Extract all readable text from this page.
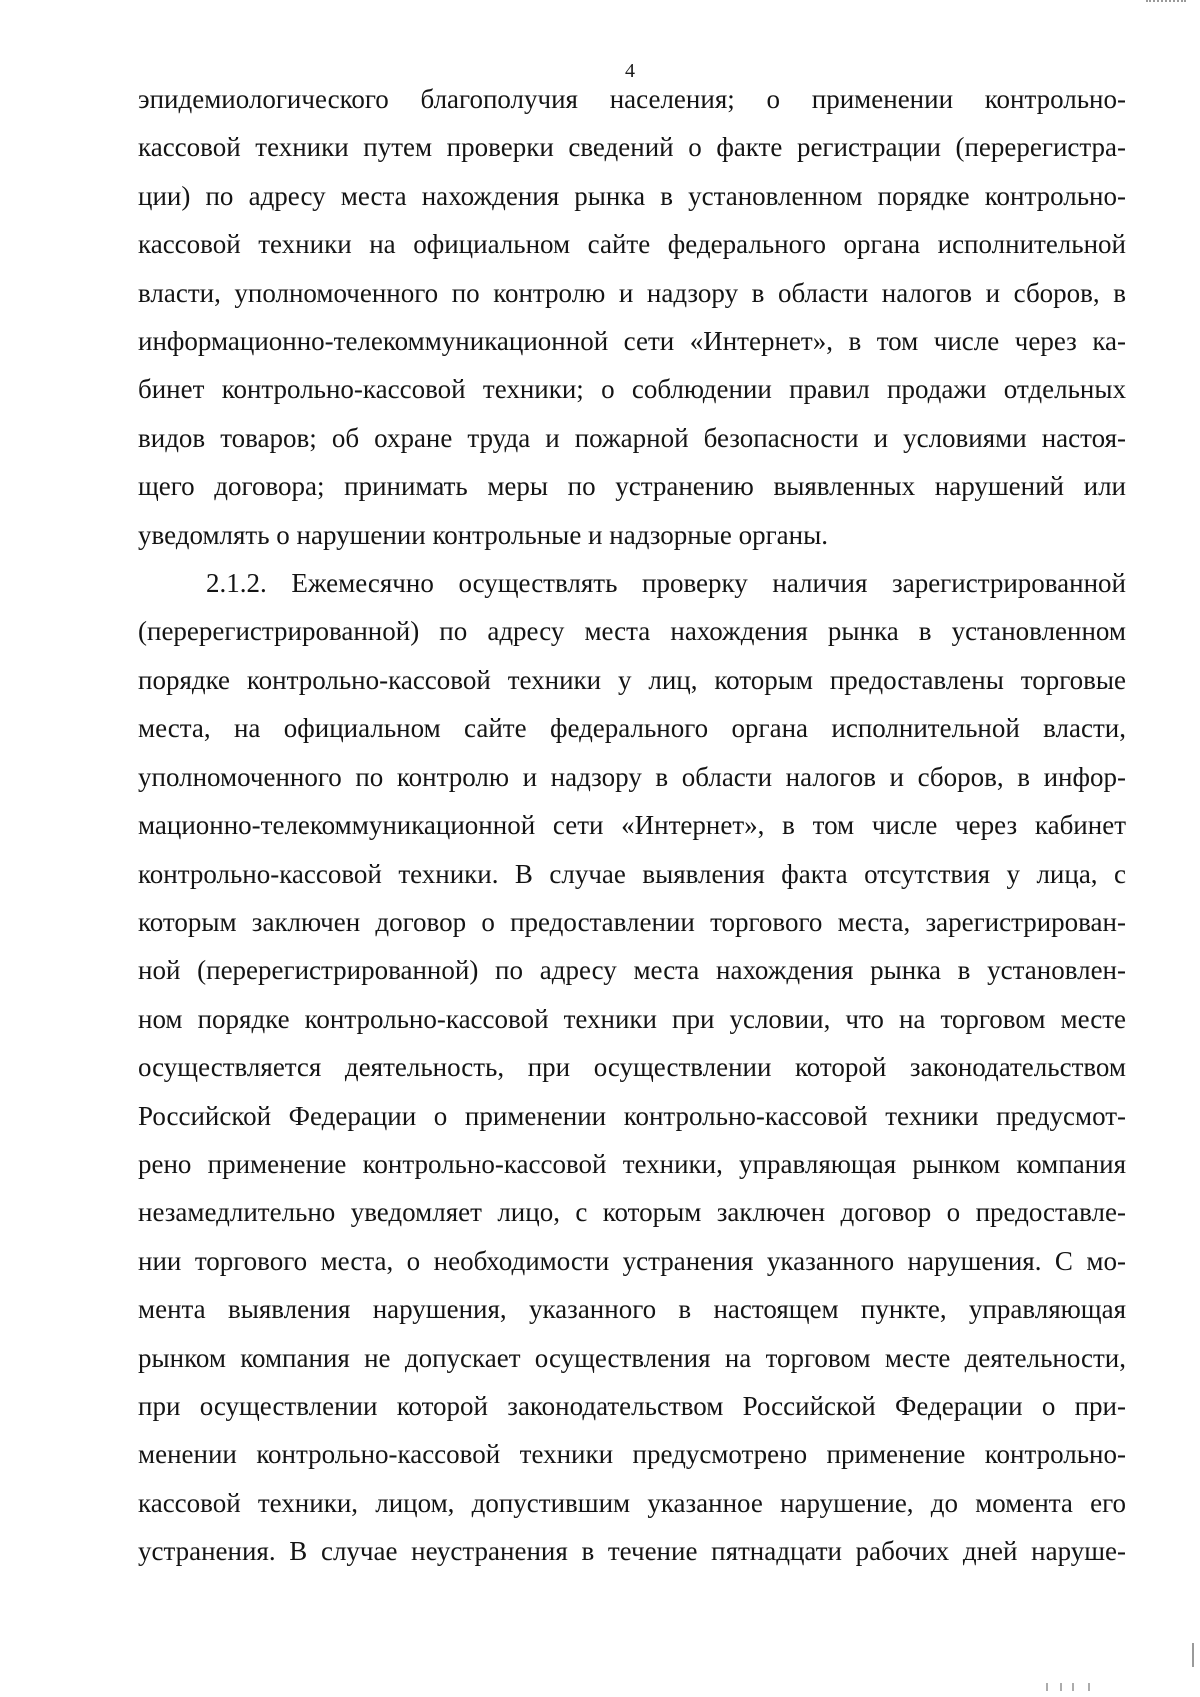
4

эпидемиологического благополучия населения; о применении контрольно-

кассовой техники путем проверки сведений о факте регистрации (перерегистра-

ции) по адресу места нахождения рынка в установленном порядке контрольно-

кассовой техники на официальном сайте федерального органа исполнительной

власти, уполномоченного по контролю и надзору в области налогов и сборов, в

информационно-телекоммуникационной сети «Интернет», в том числе через ка-

бинет контрольно-кассовой техники; о соблюдении правил продажи отдельных

видов товаров; об охране труда и пожарной безопасности и условиями настоя-

щего договора; принимать меры по устранению выявленных нарушений или

уведомлять о нарушении контрольные и надзорные органы.

2.1.2. Ежемесячно осуществлять проверку наличия зарегистрированной

(перерегистрированной) по адресу места нахождения рынка в установленном

порядке контрольно-кассовой техники у лиц, которым предоставлены торговые

места, на официальном сайте федерального органа исполнительной власти,

уполномоченного по контролю и надзору в области налогов и сборов, в инфор-

мационно-телекоммуникационной сети «Интернет», в том числе через кабинет

контрольно-кассовой техники. В случае выявления факта отсутствия у лица, с

которым заключен договор о предоставлении торгового места, зарегистрирован-

ной (перерегистрированной) по адресу места нахождения рынка в установлен-

ном порядке контрольно-кассовой техники при условии, что на торговом месте

осуществляется деятельность, при осуществлении которой законодательством

Российской Федерации о применении контрольно-кассовой техники предусмот-

рено применение контрольно-кассовой техники, управляющая рынком компания

незамедлительно уведомляет лицо, с которым заключен договор о предоставле-

нии торгового места, о необходимости устранения указанного нарушения. С мо-

мента выявления нарушения, указанного в настоящем пункте, управляющая

рынком компания не допускает осуществления на торговом месте деятельности,

при осуществлении которой законодательством Российской Федерации о при-

менении контрольно-кассовой техники предусмотрено применение контрольно-

кассовой техники, лицом, допустившим указанное нарушение, до момента его

устранения. В случае неустранения в течение пятнадцати рабочих дней наруше-
